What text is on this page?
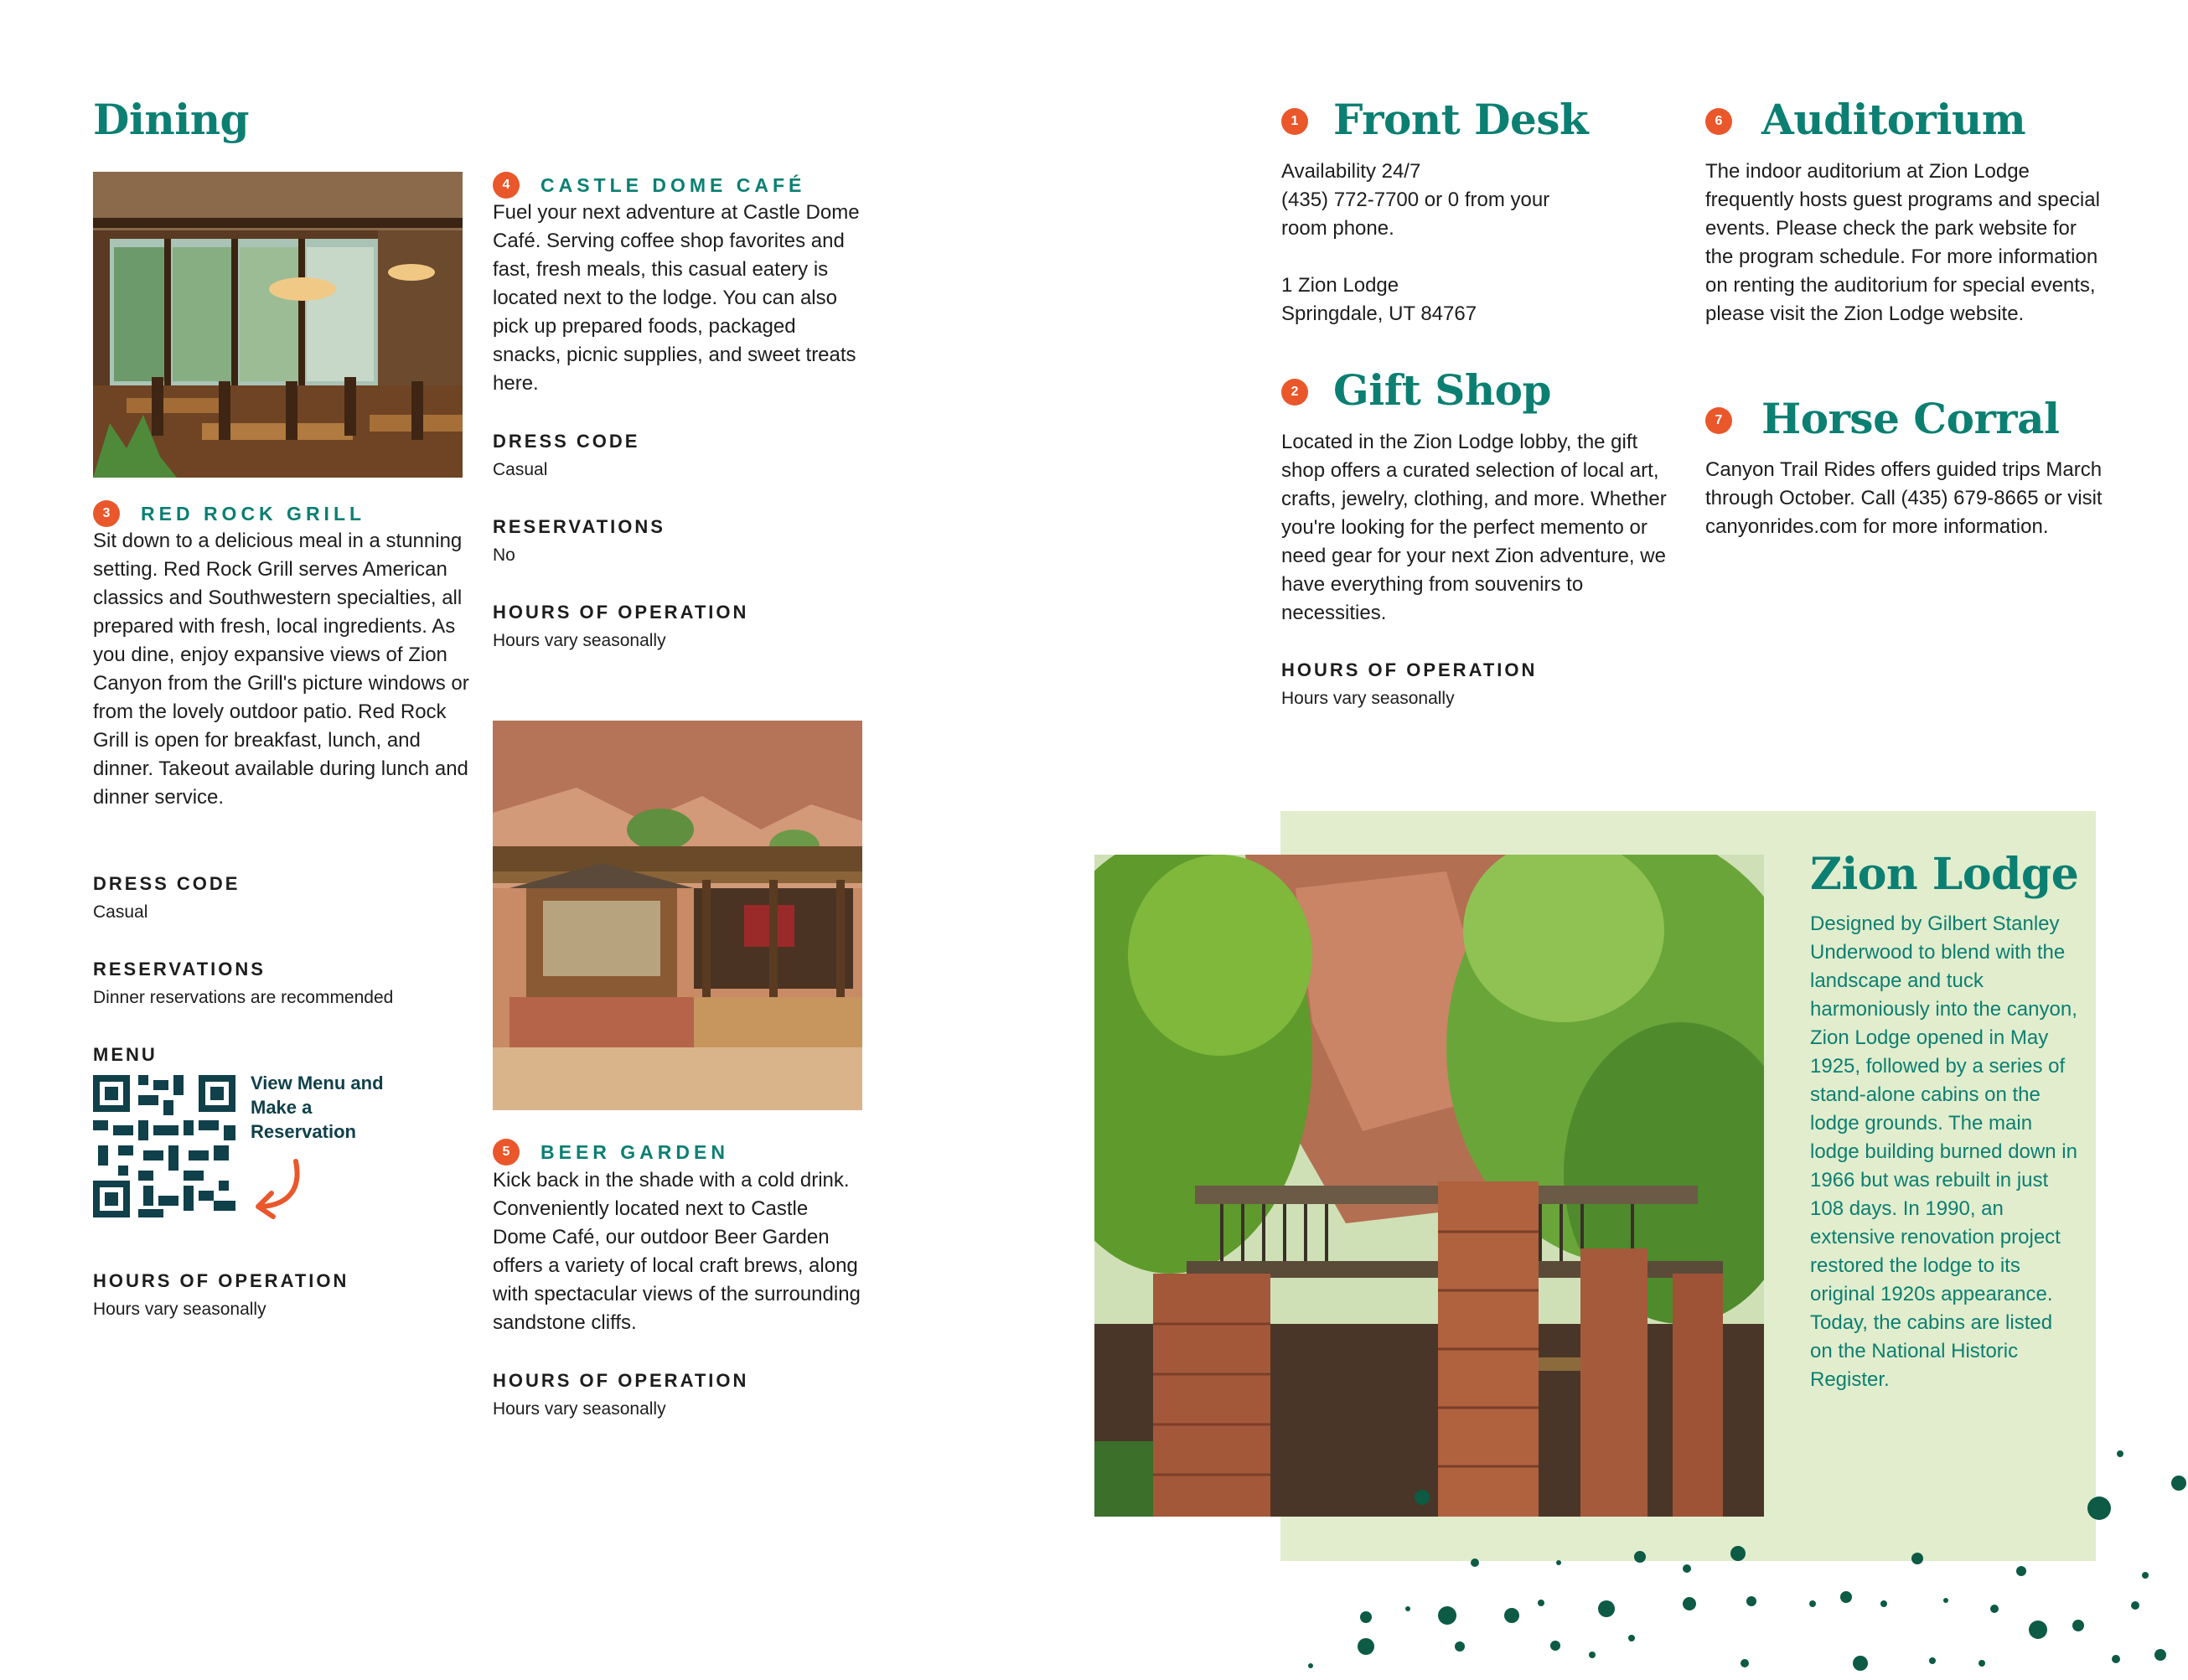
Dining
3	RED ROCK GRILL
Sit down to a delicious meal in a stunning setting. Red Rock Grill serves American classics and Southwestern specialties, all prepared with fresh, local ingredients. As you dine, enjoy expansive views of Zion Canyon from the Grill's picture windows or from the lovely outdoor patio. Red Rock Grill is open for breakfast, lunch, and dinner. Takeout available during lunch and dinner service.
DRESS CODE
Casual
RESERVATIONS
Dinner reservations are recommended
MENU
View Menu and Make a Reservation
HOURS OF OPERATION
Hours vary seasonally
4	CASTLE DOME CAFÉ
Fuel your next adventure at Castle Dome Café. Serving coffee shop favorites and fast, fresh meals, this casual eatery is located next to the lodge. You can also pick up prepared foods, packaged snacks, picnic supplies, and sweet treats here.
DRESS CODE
Casual
RESERVATIONS
No
HOURS OF OPERATION
Hours vary seasonally
5	BEER GARDEN
Kick back in the shade with a cold drink. Conveniently located next to Castle Dome Café, our outdoor Beer Garden offers a variety of local craft brews, along with spectacular views of the surrounding sandstone cliffs.
HOURS OF OPERATION
Hours vary seasonally
1 Front Desk
Availability 24/7
(435) 772-7700 or 0 from your
room phone.
1 Zion Lodge
Springdale, UT 84767
2 Gift Shop
Located in the Zion Lodge lobby, the gift shop offers a curated selection of local art, crafts, jewelry, clothing, and more. Whether you're looking for the perfect memento or need gear for your next Zion adventure, we have everything from souvenirs to necessities.
HOURS OF OPERATION
Hours vary seasonally
6 Auditorium
The indoor auditorium at Zion Lodge frequently hosts guest programs and special events. Please check the park website for the program schedule. For more information on renting the auditorium for special events, please visit the Zion Lodge website.
7 Horse Corral
Canyon Trail Rides offers guided trips March through October. Call (435) 679-8665 or visit canyonrides.com for more information.
Zion Lodge
Designed by Gilbert Stanley Underwood to blend with the landscape and tuck harmoniously into the canyon, Zion Lodge opened in May 1925, followed by a series of stand-alone cabins on the lodge grounds. The main lodge building burned down in 1966 but was rebuilt in just 108 days. In 1990, an extensive renovation project restored the lodge to its original 1920s appearance. Today, the cabins are listed on the National Historic Register.
